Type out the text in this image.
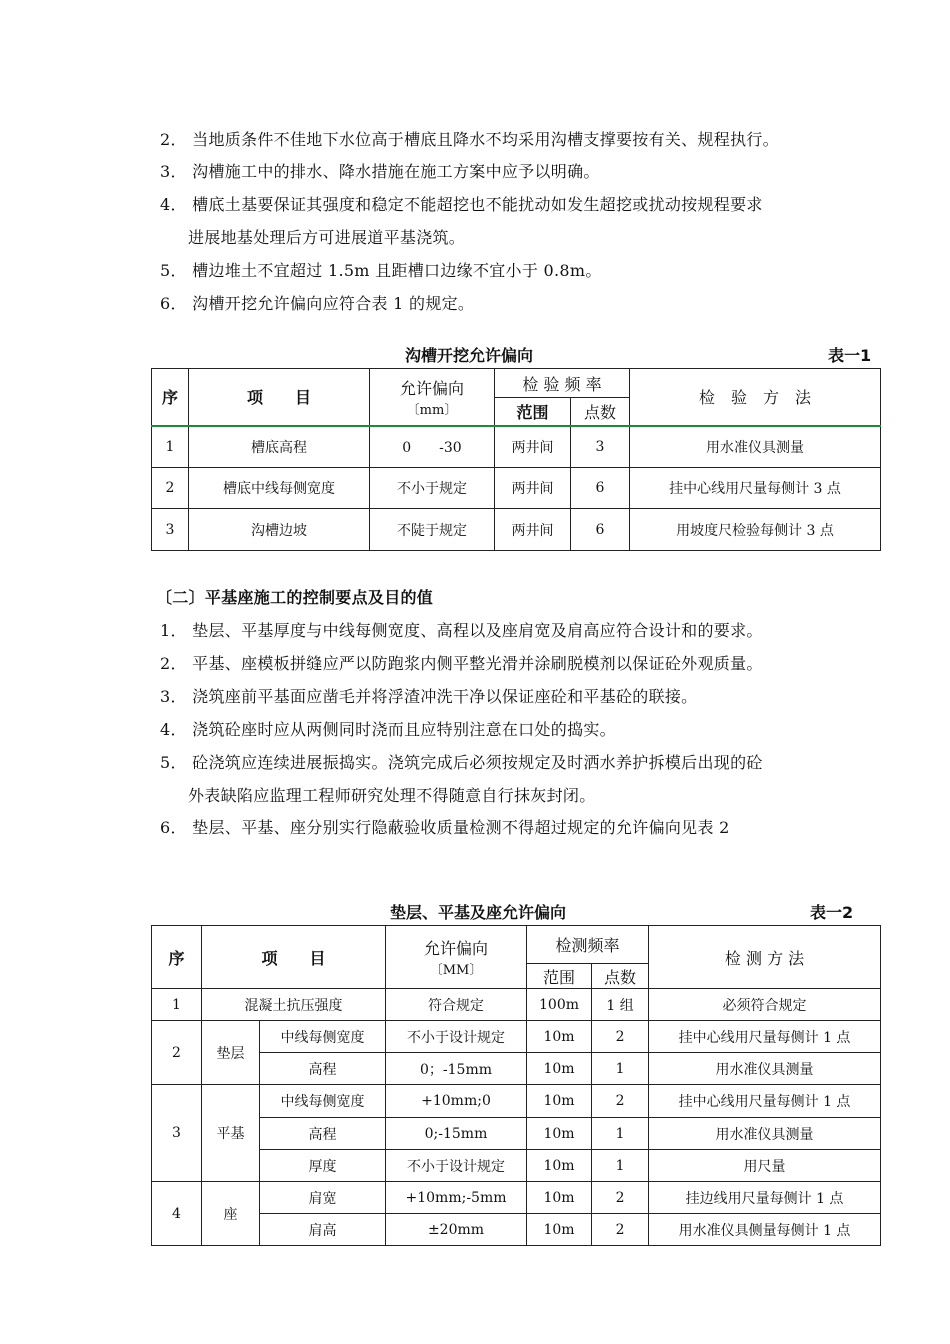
2． 当地质条件不佳地下水位高于槽底且降水不均采用沟槽支撑要按有关、规程执行。
3． 沟槽施工中的排水、降水措施在施工方案中应予以明确。
4． 槽底土基要保证其强度和稳定不能超挖也不能扰动如发生超挖或扰动按规程要求
进展地基处理后方可进展道平基浇筑。
5． 槽边堆土不宜超过 1.5m 且距槽口边缘不宜小于 0.8m。
6． 沟槽开挖允许偏向应符合表 1 的规定。
沟槽开挖允许偏向	表一1
序	项　　目	允许偏向
〔mm〕	检 验 频 率		检　验　方　法
			范围	点数	
1	槽底高程	0　　-30	两井间	3	用水准仪具测量
2	槽底中线每侧宽度	不小于规定	两井间	6	挂中心线用尺量每侧计 3 点
3	沟槽边坡	不陡于规定	两井间	6	用坡度尺检验每侧计 3 点
〔二〕平基座施工的控制要点及目的值
1． 垫层、平基厚度与中线每侧宽度、高程以及座肩宽及肩高应符合设计和的要求。
2． 平基、座模板拼缝应严以防跑浆内侧平整光滑并涂刷脱模剂以保证砼外观质量。
3． 浇筑座前平基面应凿毛并将浮渣冲洗干净以保证座砼和平基砼的联接。
4． 浇筑砼座时应从两侧同时浇而且应特别注意在口处的捣实。
5． 砼浇筑应连续进展振捣实。浇筑完成后必须按规定及时洒水养护拆模后出现的砼
外表缺陷应监理工程师研究处理不得随意自行抹灰封闭。
6． 垫层、平基、座分别实行隐蔽验收质量检测不得超过规定的允许偏向见表 2
垫层、平基及座允许偏向	表一2
序	项　　目		允许偏向
〔MM〕	检测频率		检 测 方 法
				范围	点数	
1	混凝土抗压强度		符合规定	100m	1 组	必须符合规定
2	垫层	中线每侧宽度	不小于设计规定	10m	2	挂中心线用尺量每侧计 1 点
		高程	0；-15mm	10m	1	用水准仪具测量
3	平基	中线每侧宽度	+10mm;0	10m	2	挂中心线用尺量每侧计 1 点
		高程	0;-15mm	10m	1	用水准仪具测量
		厚度	不小于设计规定	10m	1	用尺量
4	座	肩宽	+10mm;-5mm	10m	2	挂边线用尺量每侧计 1 点
		肩高	±20mm	10m	2	用水准仪具侧量每侧计 1 点
